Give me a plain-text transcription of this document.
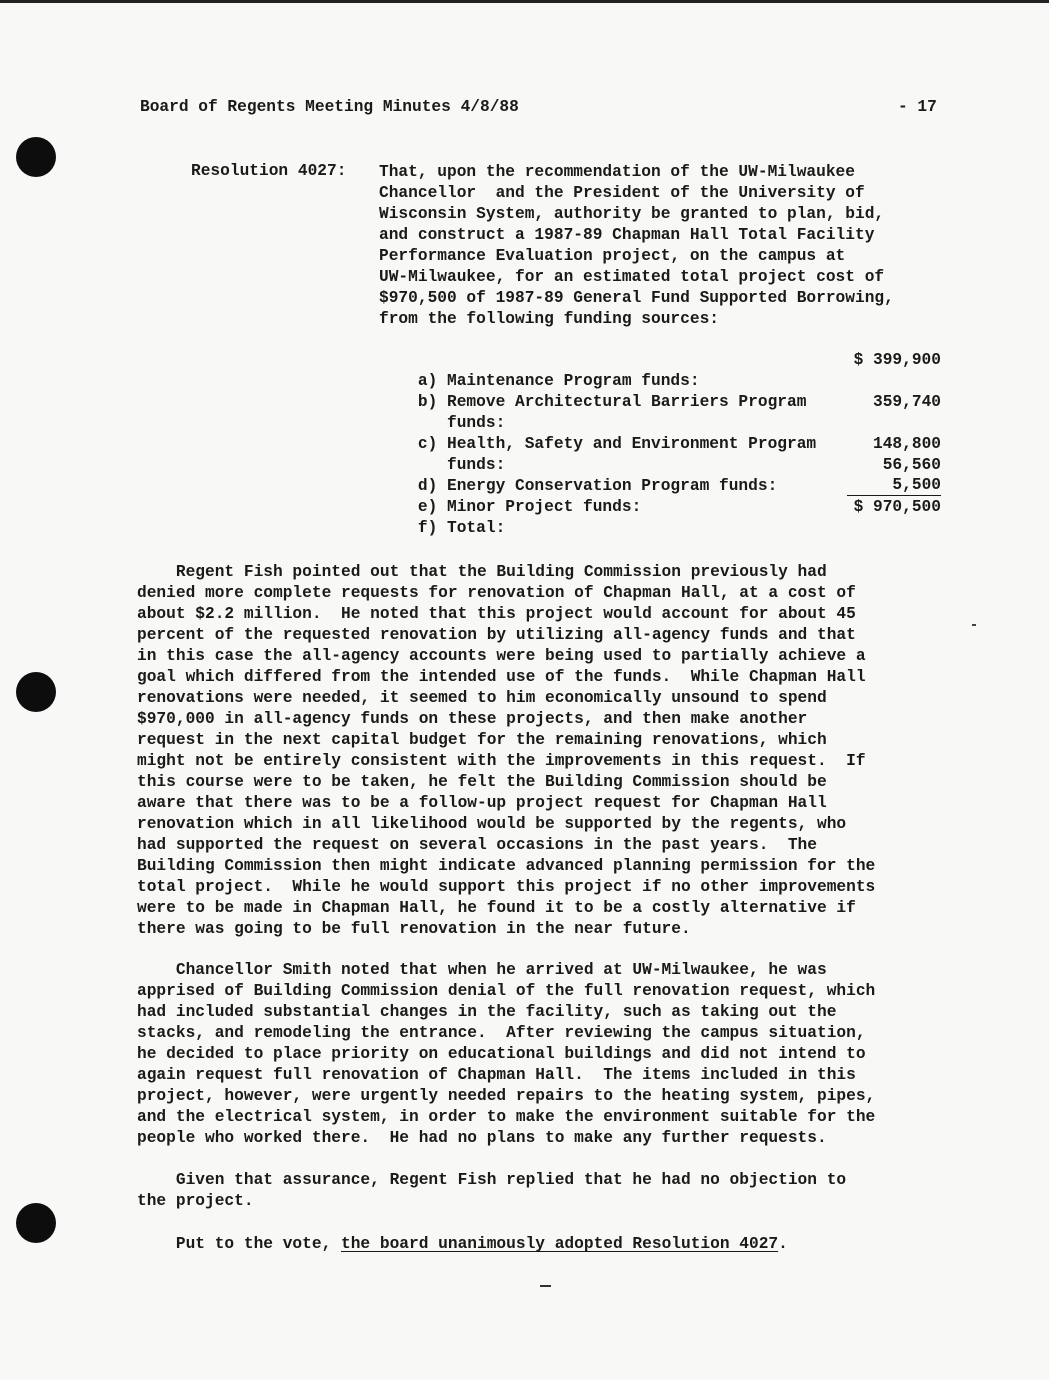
Board of Regents Meeting Minutes 4/8/88	- 17
Resolution 4027: That, upon the recommendation of the UW-Milwaukee
Chancellor  and the President of the University of
Wisconsin System, authority be granted to plan, bid,
and construct a 1987-89 Chapman Hall Total Facility
Performance Evaluation project, on the campus at
UW-Milwaukee, for an estimated total project cost of
$970,500 of 1987-89 General Fund Supported Borrowing,
from the following funding sources:

a) Maintenance Program funds:

$ 399,900

b) Remove Architectural Barriers Program

funds:

359,740

c) Health, Safety and Environment Program

funds:

148,800

d) Energy Conservation Program funds:

56,560

e) Minor Project funds:

5,500

f) Total:

$ 970,500

Regent Fish pointed out that the Building Commission previously had
denied more complete requests for renovation of Chapman Hall, at a cost of
about $2.2 million.  He noted that this project would account for about 45
percent of the requested renovation by utilizing all-agency funds and that
in this case the all-agency accounts were being used to partially achieve a
goal which differed from the intended use of the funds.  While Chapman Hall
renovations were needed, it seemed to him economically unsound to spend
$970,000 in all-agency funds on these projects, and then make another
request in the next capital budget for the remaining renovations, which
might not be entirely consistent with the improvements in this request.  If
this course were to be taken, he felt the Building Commission should be
aware that there was to be a follow-up project request for Chapman Hall
renovation which in all likelihood would be supported by the regents, who
had supported the request on several occasions in the past years.  The
Building Commission then might indicate advanced planning permission for the
total project.  While he would support this project if no other improvements
were to be made in Chapman Hall, he found it to be a costly alternative if
there was going to be full renovation in the near future.
Chancellor Smith noted that when he arrived at UW-Milwaukee, he was
apprised of Building Commission denial of the full renovation request, which
had included substantial changes in the facility, such as taking out the
stacks, and remodeling the entrance.  After reviewing the campus situation,
he decided to place priority on educational buildings and did not intend to
again request full renovation of Chapman Hall.  The items included in this
project, however, were urgently needed repairs to the heating system, pipes,
and the electrical system, in order to make the environment suitable for the
people who worked there.  He had no plans to make any further requests.
Given that assurance, Regent Fish replied that he had no objection to
the project.
Put to the vote, the board unanimously adopted Resolution 4027.
